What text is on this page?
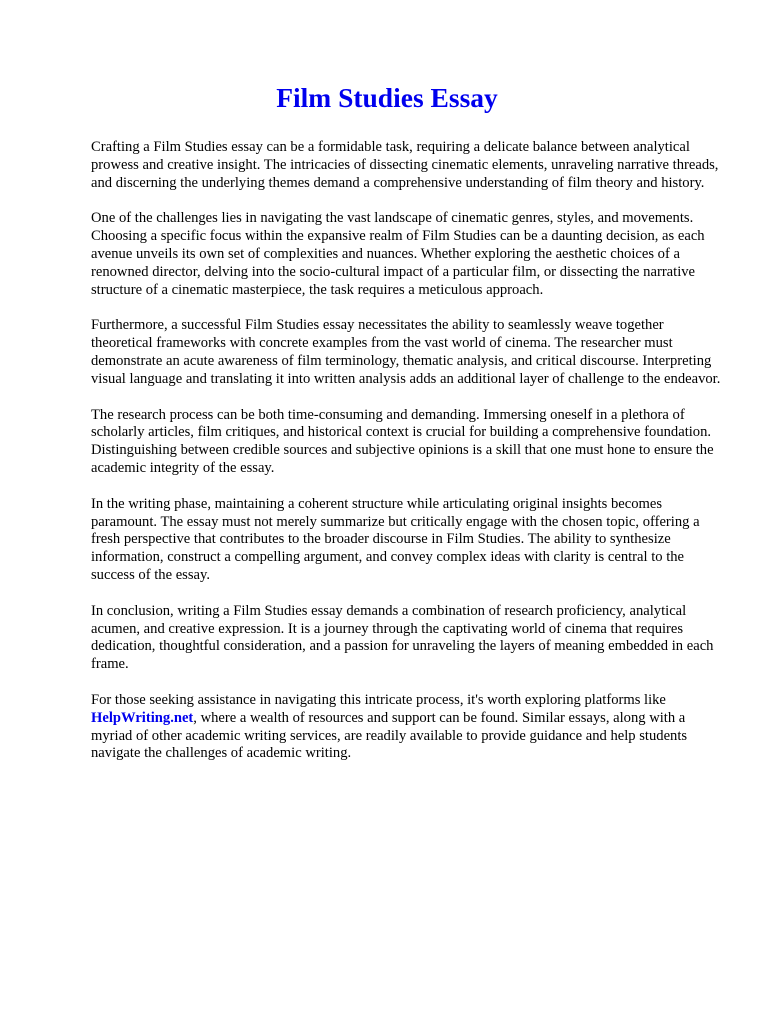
Film Studies Essay

Crafting a Film Studies essay can be a formidable task, requiring a delicate balance between analytical prowess and creative insight. The intricacies of dissecting cinematic elements, unraveling narrative threads, and discerning the underlying themes demand a comprehensive understanding of film theory and history.

One of the challenges lies in navigating the vast landscape of cinematic genres, styles, and movements. Choosing a specific focus within the expansive realm of Film Studies can be a daunting decision, as each avenue unveils its own set of complexities and nuances. Whether exploring the aesthetic choices of a renowned director, delving into the socio-cultural impact of a particular film, or dissecting the narrative structure of a cinematic masterpiece, the task requires a meticulous approach.

Furthermore, a successful Film Studies essay necessitates the ability to seamlessly weave together theoretical frameworks with concrete examples from the vast world of cinema. The researcher must demonstrate an acute awareness of film terminology, thematic analysis, and critical discourse. Interpreting visual language and translating it into written analysis adds an additional layer of challenge to the endeavor.

The research process can be both time-consuming and demanding. Immersing oneself in a plethora of scholarly articles, film critiques, and historical context is crucial for building a comprehensive foundation. Distinguishing between credible sources and subjective opinions is a skill that one must hone to ensure the academic integrity of the essay.

In the writing phase, maintaining a coherent structure while articulating original insights becomes paramount. The essay must not merely summarize but critically engage with the chosen topic, offering a fresh perspective that contributes to the broader discourse in Film Studies. The ability to synthesize information, construct a compelling argument, and convey complex ideas with clarity is central to the success of the essay.

In conclusion, writing a Film Studies essay demands a combination of research proficiency, analytical acumen, and creative expression. It is a journey through the captivating world of cinema that requires dedication, thoughtful consideration, and a passion for unraveling the layers of meaning embedded in each frame.

For those seeking assistance in navigating this intricate process, it's worth exploring platforms like HelpWriting.net, where a wealth of resources and support can be found. Similar essays, along with a myriad of other academic writing services, are readily available to provide guidance and help students navigate the challenges of academic writing.
